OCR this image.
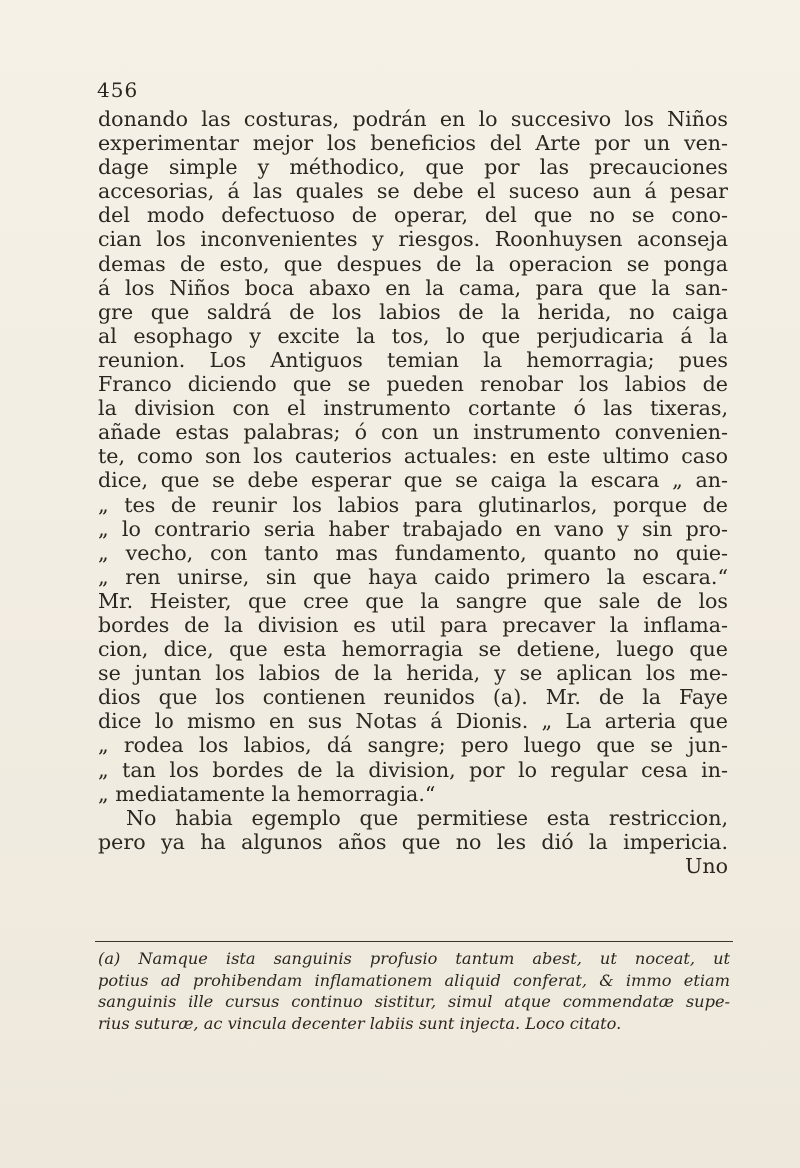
456
donando las costuras, podrán en lo succesivo los Niños
experimentar mejor los beneficios del Arte por un ven-
dage simple y méthodico, que por las precauciones
accesorias, á las quales se debe el suceso aun á pesar
del modo defectuoso de operar, del que no se cono-
cian los inconvenientes y riesgos. Roonhuysen aconseja
demas de esto, que despues de la operacion se ponga
á los Niños boca abaxo en la cama, para que la san-
gre que saldrá de los labios de la herida, no caiga
al esophago y excite la tos, lo que perjudicaria á la
reunion. Los Antiguos temian la hemorragia; pues
Franco diciendo que se pueden renobar los labios de
la division con el instrumento cortante ó las tixeras,
añade estas palabras; ó con un instrumento convenien-
te, como son los cauterios actuales: en este ultimo caso
dice, que se debe esperar que se caiga la escara „ an-
„ tes de reunir los labios para glutinarlos, porque de
„ lo contrario seria haber trabajado en vano y sin pro-
„ vecho, con tanto mas fundamento, quanto no quie-
„ ren unirse, sin que haya caido primero la escara.“
Mr. Heister, que cree que la sangre que sale de los
bordes de la division es util para precaver la inflama-
cion, dice, que esta hemorragia se detiene, luego que
se juntan los labios de la herida, y se aplican los me-
dios que los contienen reunidos (a). Mr. de la Faye
dice lo mismo en sus Notas á Dionis. „ La arteria que
„ rodea los labios, dá sangre; pero luego que se jun-
„ tan los bordes de la division, por lo regular cesa in-
„ mediatamente la hemorragia.“
No habia egemplo que permitiese esta restriccion,
pero ya ha algunos años que no les dió la impericia.
Uno
(a) Namque ista sanguinis profusio tantum abest, ut noceat, ut
potius ad prohibendam inflamationem aliquid conferat, & immo etiam
sanguinis ille cursus continuo sistitur, simul atque commendatæ supe-
rius suturæ, ac vincula decenter labiis sunt injecta. Loco citato.
